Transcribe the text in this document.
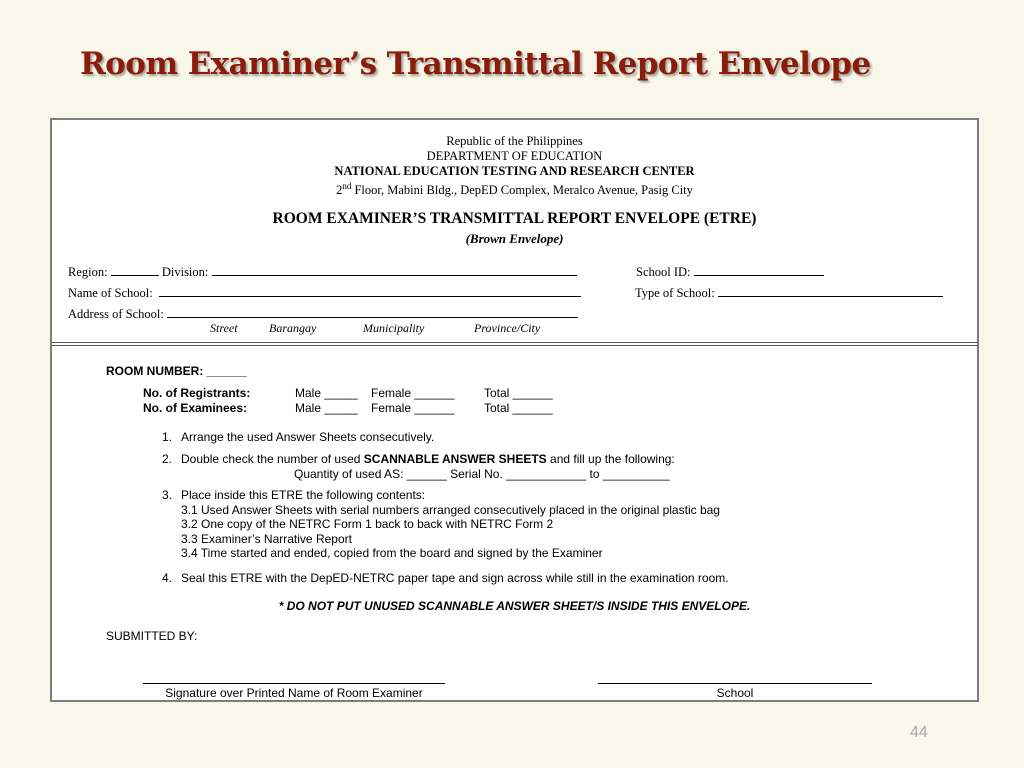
Room Examiner’s Transmittal Report Envelope
Republic of the Philippines
DEPARTMENT OF EDUCATION
NATIONAL EDUCATION TESTING AND RESEARCH CENTER
2nd Floor, Mabini Bldg., DepED Complex, Meralco Avenue, Pasig City
ROOM EXAMINER’S TRANSMITTAL REPORT ENVELOPE (ETRE)
(Brown Envelope)
Region:	Division:	School ID:
Name of School:	Type of School:
Address of School:
Street	Barangay	Municipality	Province/City
ROOM NUMBER: ______
No. of Registrants:	Male _____ Female ______ Total ______
No. of Examinees:	Male _____ Female ______ Total ______
1. Arrange the used Answer Sheets consecutively.
2. Double check the number of used SCANNABLE ANSWER SHEETS and fill up the following:
Quantity of used AS: ______ Serial No. ____________ to __________
3. Place inside this ETRE the following contents:
3.1 Used Answer Sheets with serial numbers arranged consecutively placed in the original plastic bag
3.2 One copy of the NETRC Form 1 back to back with NETRC Form 2
3.3 Examiner’s Narrative Report
3.4 Time started and ended, copied from the board and signed by the Examiner
4. Seal this ETRE with the DepED-NETRC paper tape and sign across while still in the examination room.
* DO NOT PUT UNUSED SCANNABLE ANSWER SHEET/S INSIDE THIS ENVELOPE.
SUBMITTED BY:
Signature over Printed Name of Room Examiner	School
44
